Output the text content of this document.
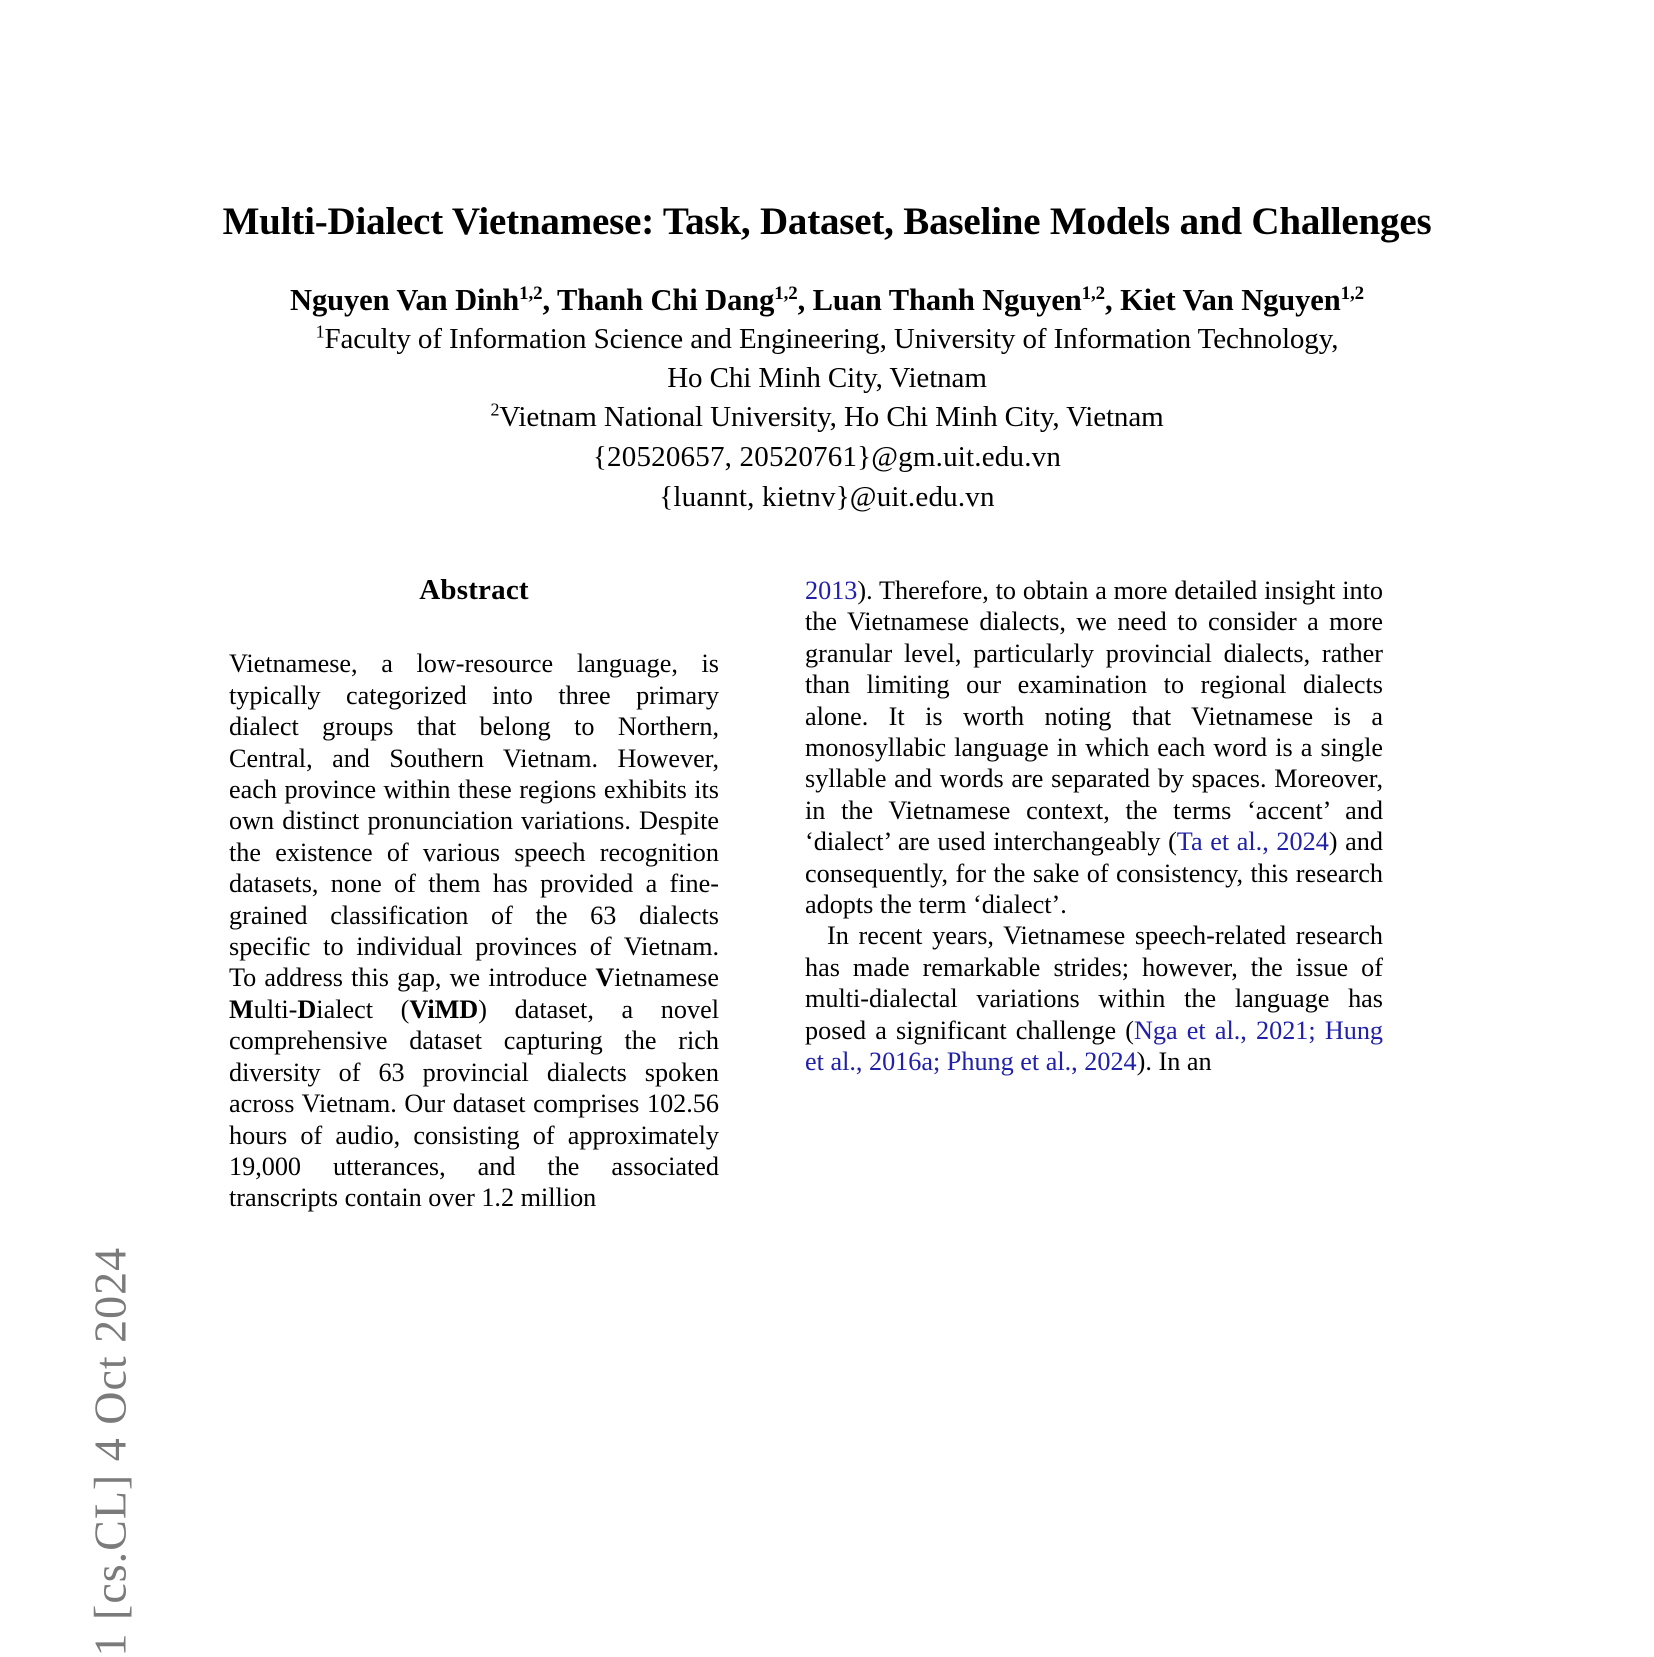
1 [cs.CL] 4 Oct 2024
Multi-Dialect Vietnamese: Task, Dataset, Baseline Models and Challenges
Nguyen Van Dinh$^{1,2}$, Thanh Chi Dang$^{1,2}$, Luan Thanh Nguyen$^{1,2}$, Kiet Van Nguyen$^{1,2}$
$^1$Faculty of Information Science and Engineering, University of Information Technology,
Ho Chi Minh City, Vietnam
$^2$Vietnam National University, Ho Chi Minh City, Vietnam
{20520657, 20520761}@gm.uit.edu.vn
{luannt, kietnv}@uit.edu.vn
Abstract

Vietnamese, a low-resource language, is typically categorized into three primary dialect groups that belong to Northern, Central, and Southern Vietnam. However, each province within these regions exhibits its own distinct pronunciation variations. Despite the existence of various speech recognition datasets, none of them has provided a fine-grained classification of the 63 dialects specific to individual provinces of Vietnam. To address this gap, we introduce Vietnamese Multi-Dialect (ViMD) dataset, a novel comprehensive dataset capturing the rich diversity of 63 provincial dialects spoken across Vietnam. Our dataset comprises 102.56 hours of audio, consisting of approximately 19,000 utterances, and the associated transcripts contain over 1.2 million

2013). Therefore, to obtain a more detailed insight into the Vietnamese dialects, we need to consider a more granular level, particularly provincial dialects, rather than limiting our examination to regional dialects alone. It is worth noting that Vietnamese is a monosyllabic language in which each word is a single syllable and words are separated by spaces. Moreover, in the Vietnamese context, the terms ‘accent’ and ‘dialect’ are used interchangeably (Ta et al., 2024) and consequently, for the sake of consistency, this research adopts the term ‘dialect’.

In recent years, Vietnamese speech-related research has made remarkable strides; however, the issue of multi-dialectal variations within the language has posed a significant challenge (Nga et al., 2021; Hung et al., 2016a; Phung et al., 2024). In an
